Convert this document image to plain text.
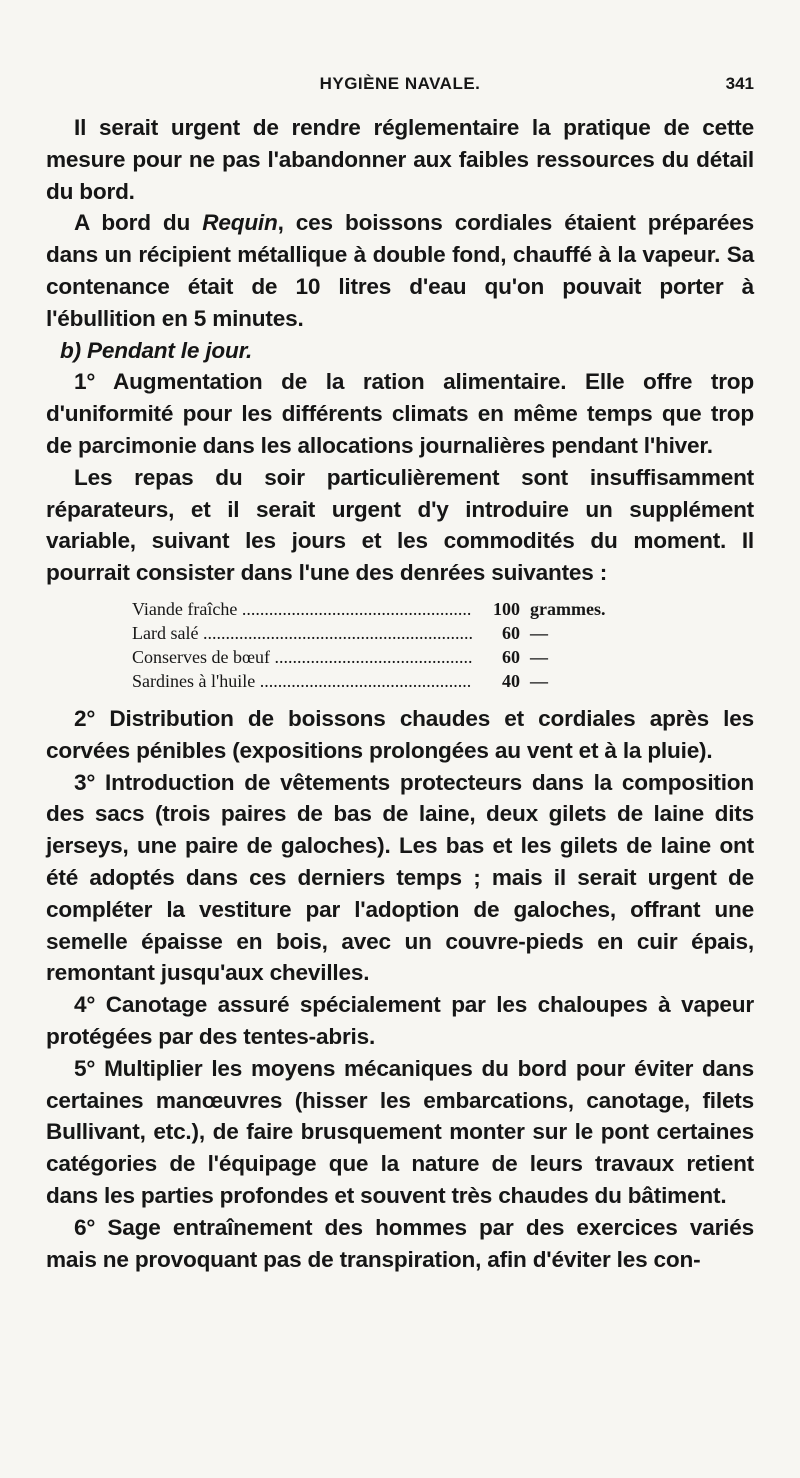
HYGIÈNE NAVALE.	341

Il serait urgent de rendre réglementaire la pratique de cette mesure pour ne pas l'abandonner aux faibles ressources du détail du bord.

A bord du Requin, ces boissons cordiales étaient préparées dans un récipient métallique à double fond, chauffé à la vapeur. Sa contenance était de 10 litres d'eau qu'on pouvait porter à l'ébullition en 5 minutes.

b) Pendant le jour.

1° Augmentation de la ration alimentaire. Elle offre trop d'uniformité pour les différents climats en même temps que trop de parcimonie dans les allocations journalières pendant l'hiver.

Les repas du soir particulièrement sont insuffisamment réparateurs, et il serait urgent d'y introduire un supplément variable, suivant les jours et les commodités du moment. Il pourrait consister dans l'une des denrées suivantes :

Viande fraîche .....	100 grammes.
Lard salé .....	60 —
Conserves de bœuf .....	60 —
Sardines à l'huile .....	40 —

2° Distribution de boissons chaudes et cordiales après les corvées pénibles (expositions prolongées au vent et à la pluie).

3° Introduction de vêtements protecteurs dans la composition des sacs (trois paires de bas de laine, deux gilets de laine dits jerseys, une paire de galoches). Les bas et les gilets de laine ont été adoptés dans ces derniers temps ; mais il serait urgent de compléter la vestiture par l'adoption de galoches, offrant une semelle épaisse en bois, avec un couvre-pieds en cuir épais, remontant jusqu'aux chevilles.

4° Canotage assuré spécialement par les chaloupes à vapeur protégées par des tentes-abris.

5° Multiplier les moyens mécaniques du bord pour éviter dans certaines manœuvres (hisser les embarcations, canotage, filets Bullivant, etc.), de faire brusquement monter sur le pont certaines catégories de l'équipage que la nature de leurs travaux retient dans les parties profondes et souvent très chaudes du bâtiment.

6° Sage entraînement des hommes par des exercices variés mais ne provoquant pas de transpiration, afin d'éviter les con-
